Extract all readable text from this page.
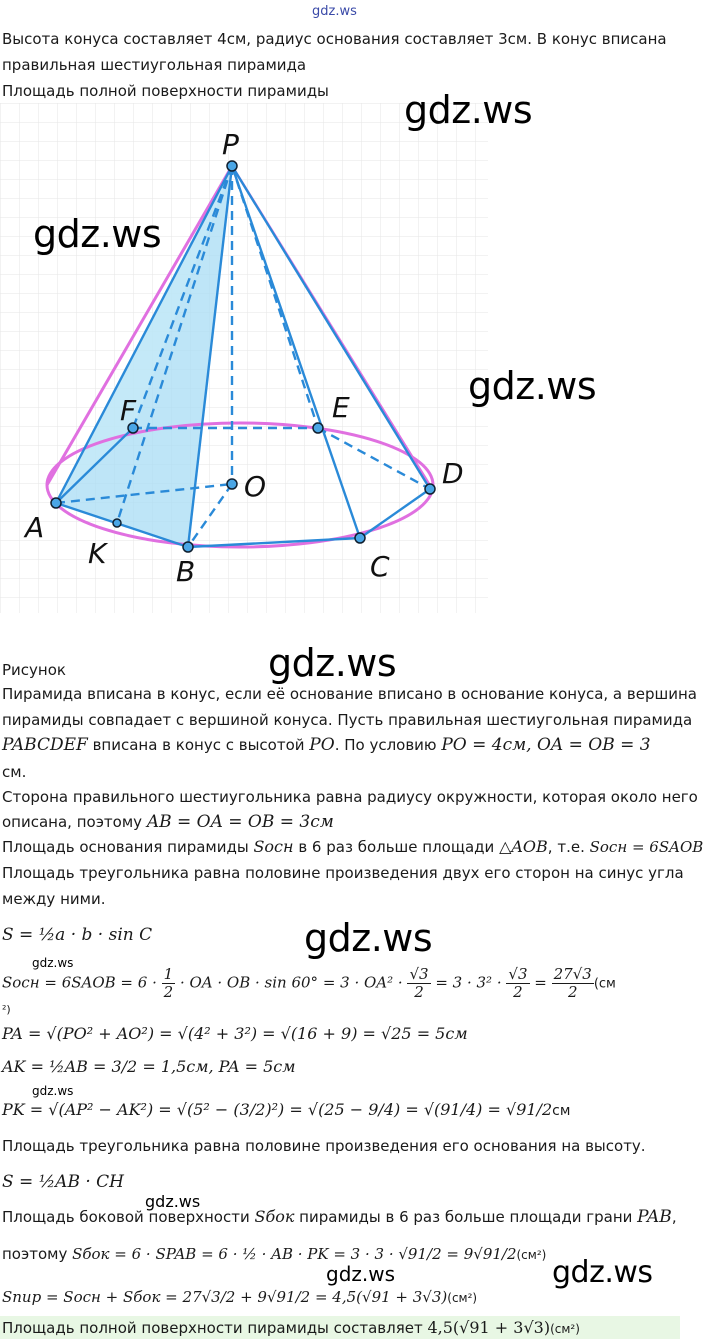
gdz.ws
Высота конуса составляет 4см, радиус основания составляет 3см. В конус вписана
правильная шестиугольная пирамида
Площадь полной поверхности пирамиды
P
F	E
O	D
A
K
B	C
gdz.ws
gdz.ws
gdz.ws
gdz.ws
Рисунок
Пирамида вписана в конус, если её основание вписано в основание конуса, а вершина
пирамиды совпадает с вершиной конуса. Пусть правильная шестиугольная пирамида
PABCDEF вписана в конус с высотой PO. По условию PO = 4см, OA = OB = 3
см.
Сторона правильного шестиугольника равна радиусу окружности, которая около него
описана, поэтому AB = OA = OB = 3см
Площадь основания пирамиды Sосн в 6 раз больше площади △AOB, т.е. Sосн = 6SAOB
Площадь треугольника равна половине произведения двух его сторон на синус угла
между ними.
S = ½a · b · sin C	gdz.ws
gdz.ws
Sосн = 6SAOB = $6 \cdot \frac{1}{2}$ · OA · OB · $\sin 60^\circ = 3 \cdot OA^2 \cdot \frac{√3}{2} = 3 \cdot 3^2 \cdot \frac{√3}{2} = \frac{27√3}{2} (см$
²)
PA = √(PO² + AO²) = √(4² + 3²) = √(16 + 9) = √25 = 5см
AK = ½AB = 3/2 = 1,5см, PA = 5см
gdz.ws
PK = √(AP² − AK²) = √(5² − (3/2)²) = √(25 − 9/4) = √(91/4) = √91/2см
Площадь треугольника равна половине произведения его основания на высоту.
S = ½AB · CH
gdz.ws
Площадь боковой поверхности Sбок пирамиды в 6 раз больше площади грани PAB,
поэтому Sбок = 6 · SPAB = 6 · ½ · AB · PK = 3 · 3 · √91/2 = 9√91/2(см²) gdz.ws
gdz.ws
Sпир = Sосн + Sбок = 27√3/2 + 9√91/2 = 4,5(√91 + 3√3)(см²)
Площадь полной поверхности пирамиды составляет 4,5(√91 + 3√3)(см²)
